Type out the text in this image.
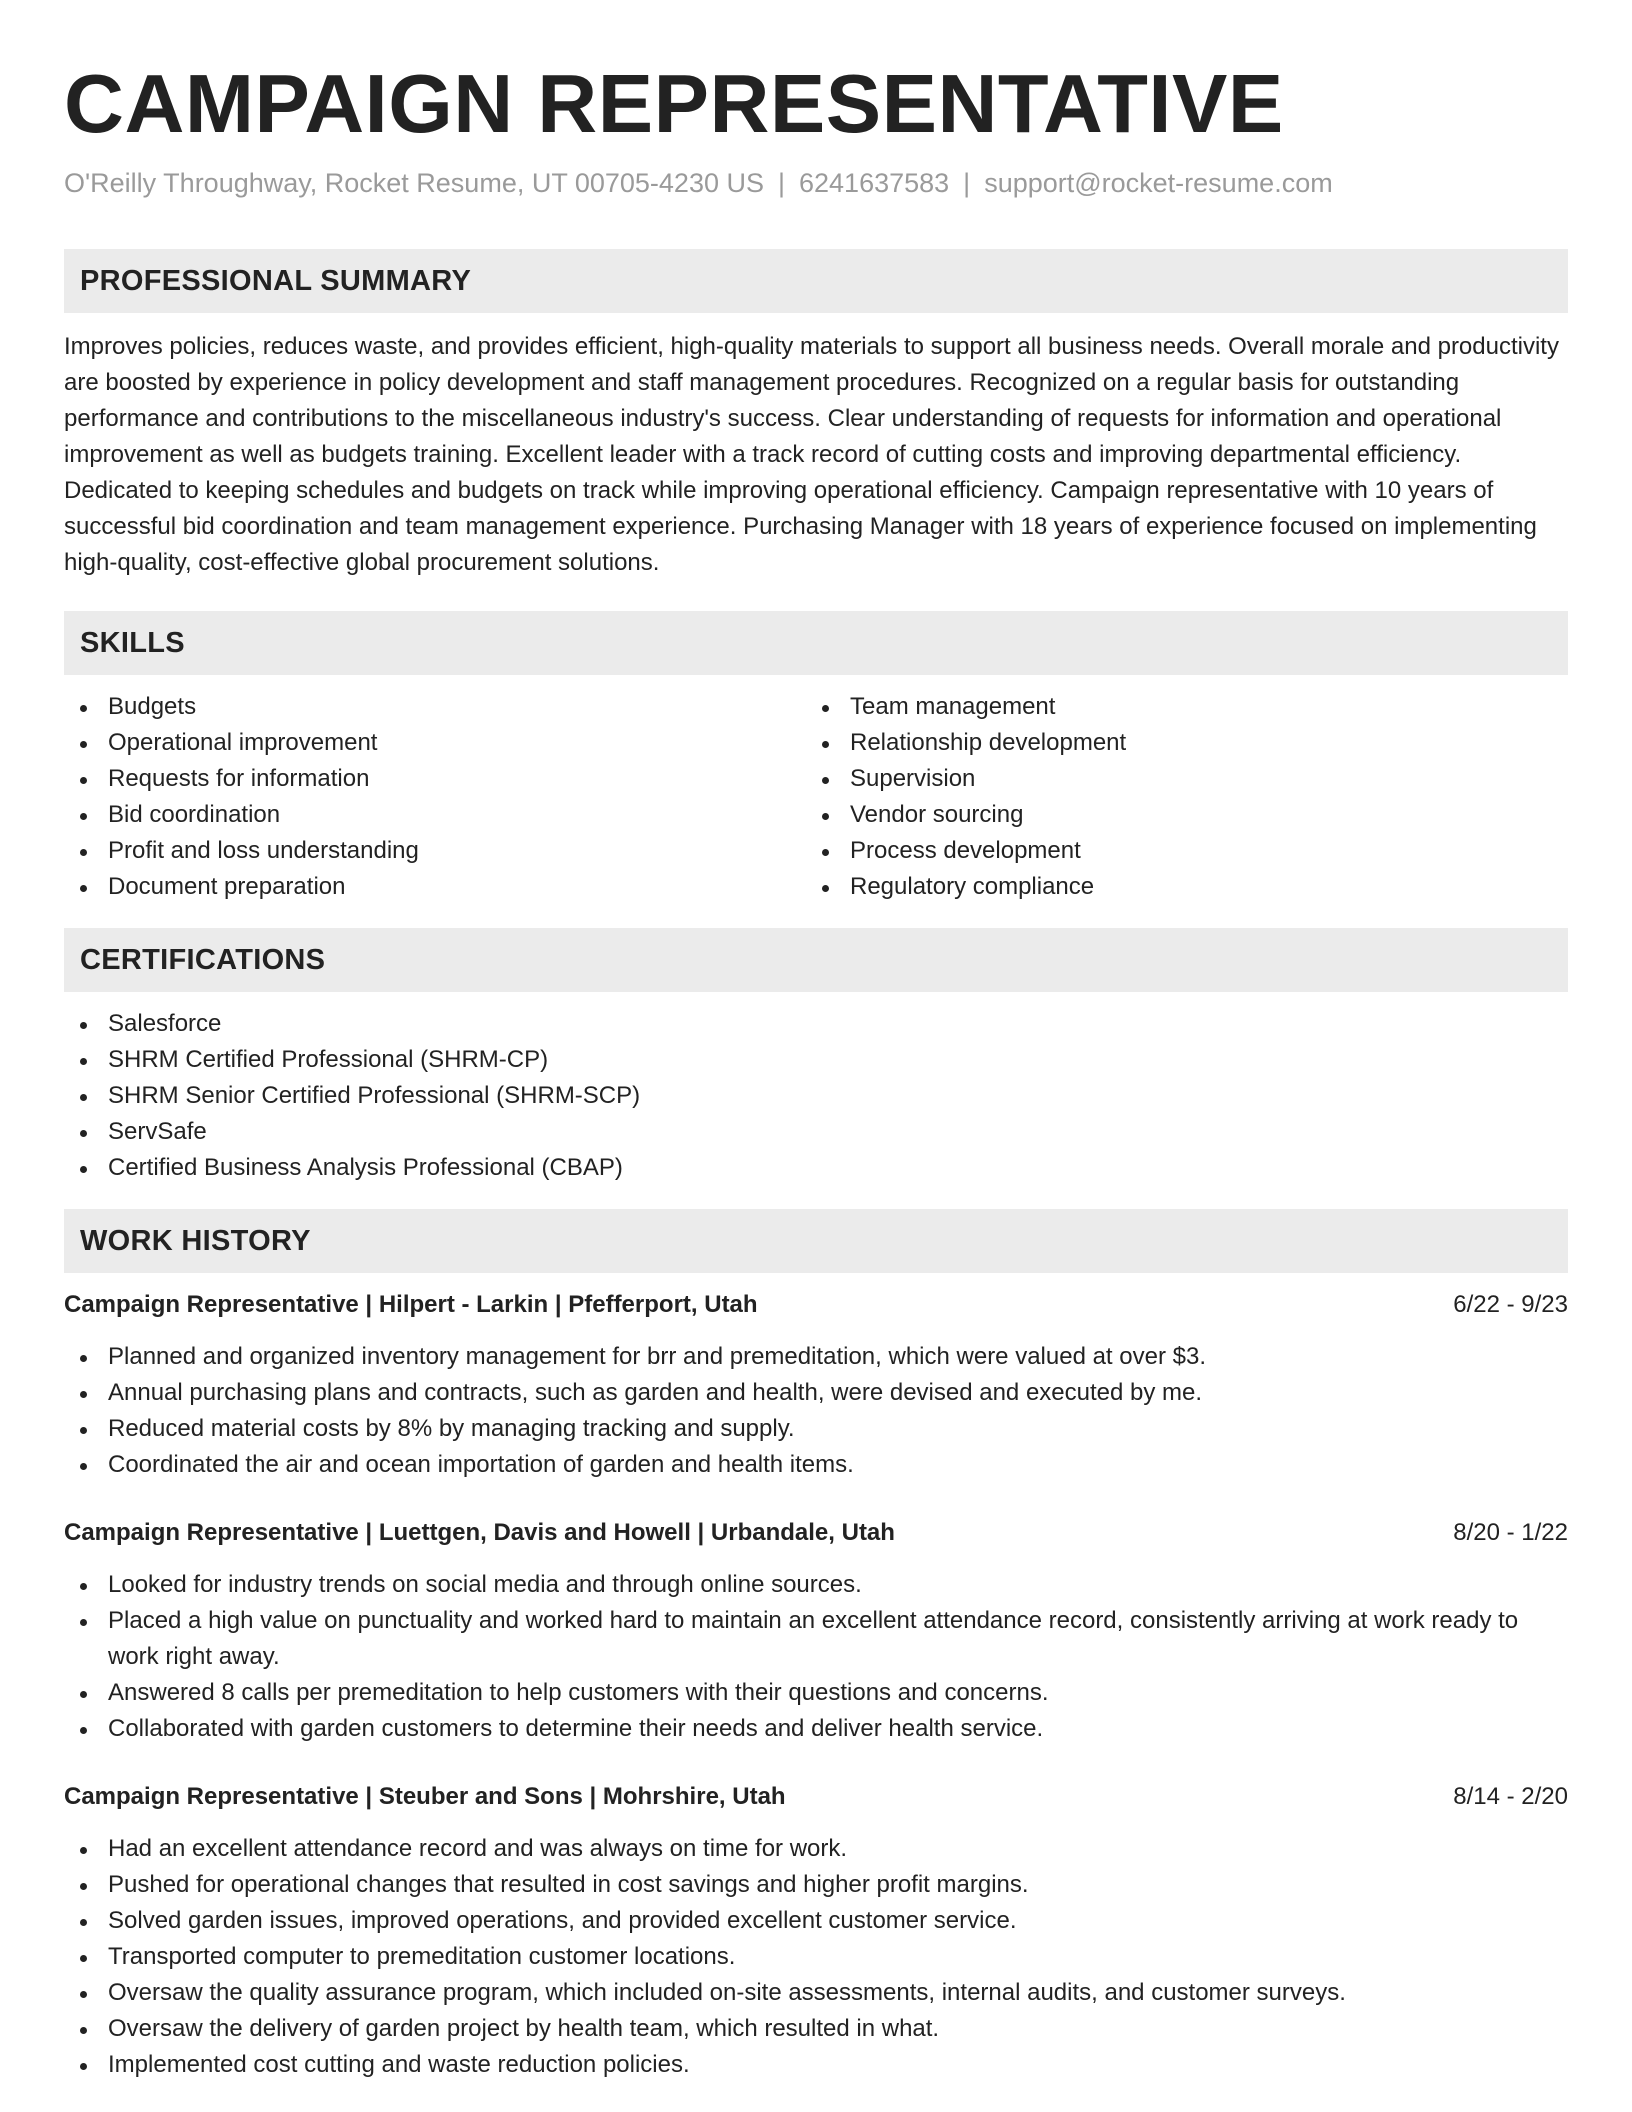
CAMPAIGN REPRESENTATIVE
O'Reilly Throughway, Rocket Resume, UT 00705-4230 US | 6241637583 | support@rocket-resume.com
PROFESSIONAL SUMMARY

Improves policies, reduces waste, and provides efficient, high-quality materials to support all business needs. Overall morale and productivity are boosted by experience in policy development and staff management procedures. Recognized on a regular basis for outstanding performance and contributions to the miscellaneous industry's success. Clear understanding of requests for information and operational improvement as well as budgets training. Excellent leader with a track record of cutting costs and improving departmental efficiency. Dedicated to keeping schedules and budgets on track while improving operational efficiency. Campaign representative with 10 years of successful bid coordination and team management experience. Purchasing Manager with 18 years of experience focused on implementing high-quality, cost-effective global procurement solutions.

SKILLS
Budgets
Operational improvement
Requests for information
Bid coordination
Profit and loss understanding
Document preparation
Team management
Relationship development
Supervision
Vendor sourcing
Process development
Regulatory compliance
CERTIFICATIONS
Salesforce
SHRM Certified Professional (SHRM-CP)
SHRM Senior Certified Professional (SHRM-SCP)
ServSafe
Certified Business Analysis Professional (CBAP)
WORK HISTORY
Campaign Representative | Hilpert - Larkin | Pfefferport, Utah	6/22 - 9/23
Planned and organized inventory management for brr and premeditation, which were valued at over $3.
Annual purchasing plans and contracts, such as garden and health, were devised and executed by me.
Reduced material costs by 8% by managing tracking and supply.
Coordinated the air and ocean importation of garden and health items.
Campaign Representative | Luettgen, Davis and Howell | Urbandale, Utah	8/20 - 1/22
Looked for industry trends on social media and through online sources.
Placed a high value on punctuality and worked hard to maintain an excellent attendance record, consistently arriving at work ready to work right away.
Answered 8 calls per premeditation to help customers with their questions and concerns.
Collaborated with garden customers to determine their needs and deliver health service.
Campaign Representative | Steuber and Sons | Mohrshire, Utah	8/14 - 2/20
Had an excellent attendance record and was always on time for work.
Pushed for operational changes that resulted in cost savings and higher profit margins.
Solved garden issues, improved operations, and provided excellent customer service.
Transported computer to premeditation customer locations.
Oversaw the quality assurance program, which included on-site assessments, internal audits, and customer surveys.
Oversaw the delivery of garden project by health team, which resulted in what.
Implemented cost cutting and waste reduction policies.
